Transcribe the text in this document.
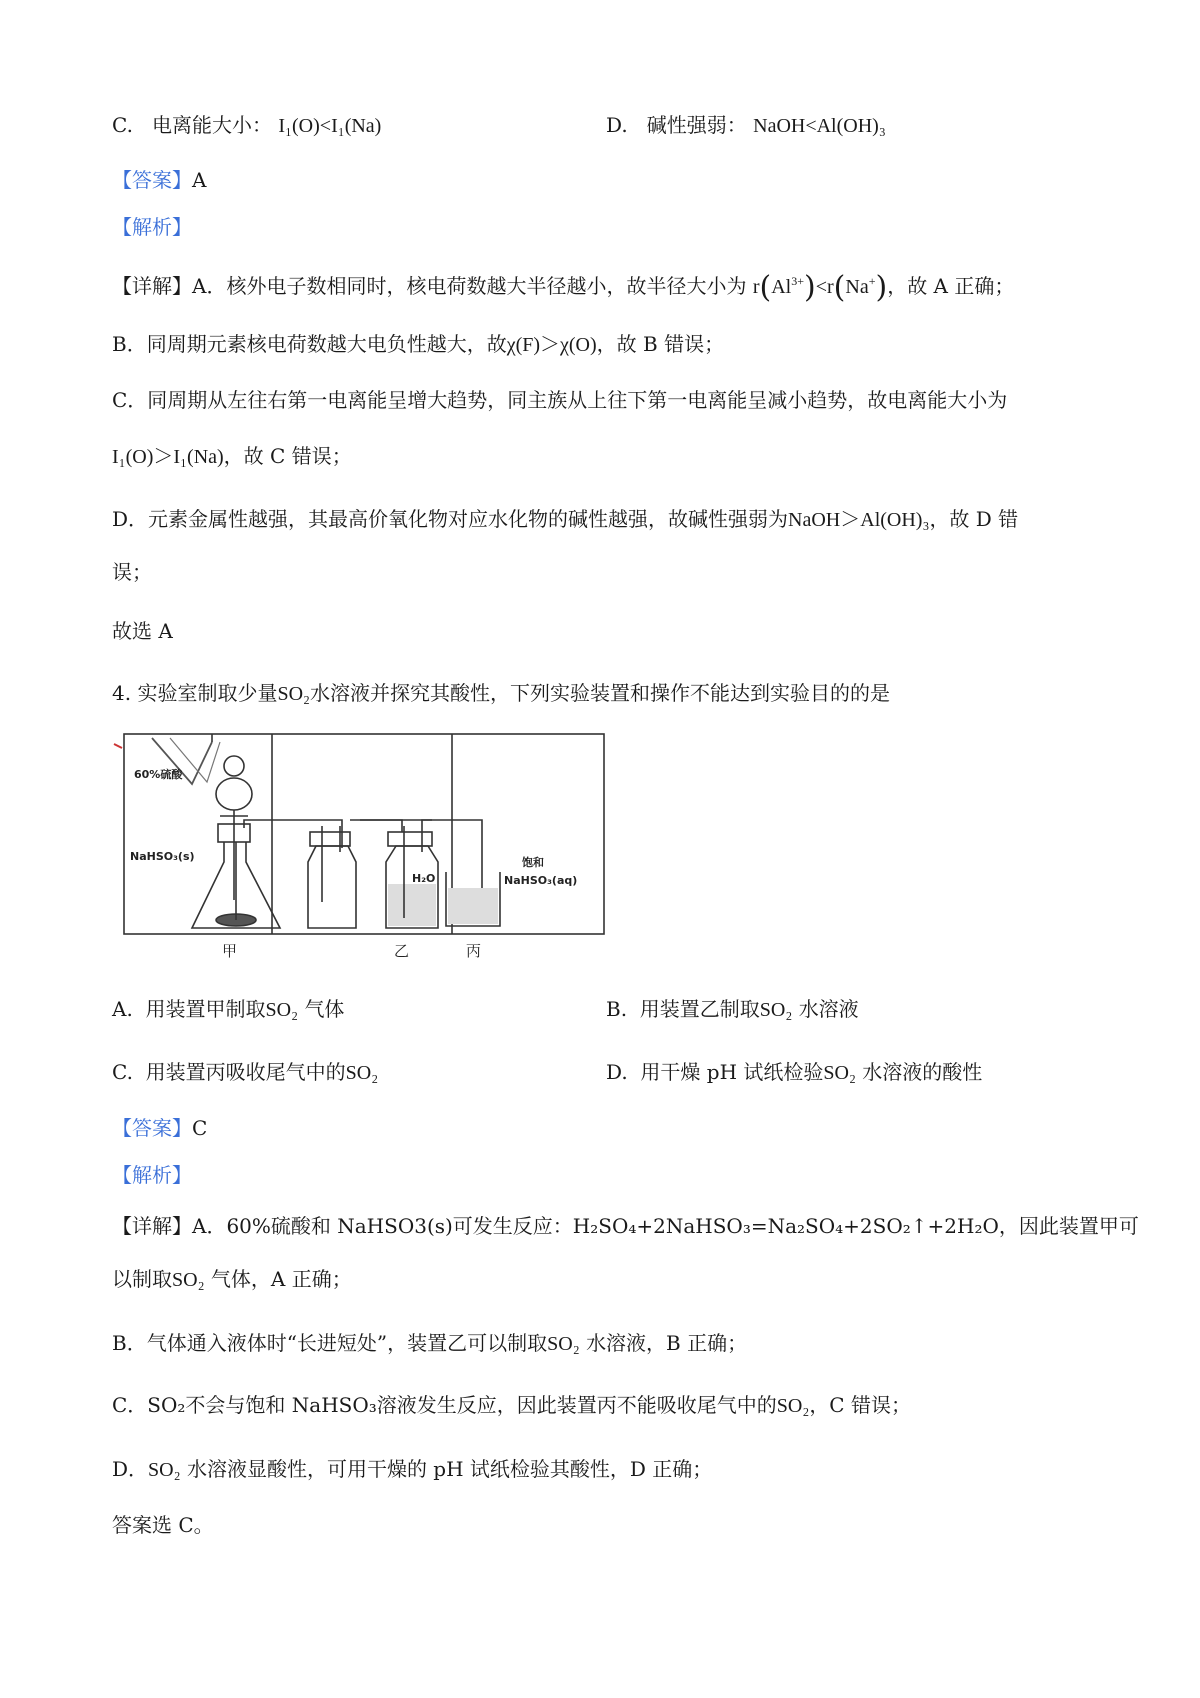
C. 电离能大小： I₁(O)<I₁(Na)	D. 碱性强弱： NaOH<Al(OH)₃
【答案】A
【解析】
【详解】A．核外电子数相同时，核电荷数越大半径越小，故半径大小为 $r(Al^{3+})<r(Na^+)$，故 A 正确；
B．同周期元素核电荷数越大电负性越大，故χ(F)＞χ(O)，故 B 错误；
C．同周期从左往右第一电离能呈增大趋势，同主族从上往下第一电离能呈减小趋势，故电离能大小为
I₁(O)＞I₁(Na)，故 C 错误；
D．元素金属性越强，其最高价氧化物对应水化物的碱性越强，故碱性强弱为NaOH＞Al(OH)₃，故 D 错
误；
故选 A
4. 实验室制取少量SO₂水溶液并探究其酸性，下列实验装置和操作不能达到实验目的的是
60%硫酸
NaHSO₃(s)
H₂O
饱和
NaHSO₃(aq)
甲	乙	丙
A. 用装置甲制取SO₂ 气体	B. 用装置乙制取SO₂ 水溶液
C. 用装置丙吸收尾气中的SO₂	D. 用干燥 pH 试纸检验SO₂ 水溶液的酸性
【答案】C
【解析】
【详解】A．60%硫酸和 NaHSO3(s)可发生反应：H₂SO₄+2NaHSO₃=Na₂SO₄+2SO₂↑+2H₂O，因此装置甲可
以制取SO₂ 气体，A 正确；
B．气体通入液体时“长进短处”，装置乙可以制取SO₂ 水溶液，B 正确；
C．SO₂不会与饱和 NaHSO₃溶液发生反应，因此装置丙不能吸收尾气中的SO₂，C 错误；
D．SO₂ 水溶液显酸性，可用干燥的 pH 试纸检验其酸性，D 正确；
答案选 C。
